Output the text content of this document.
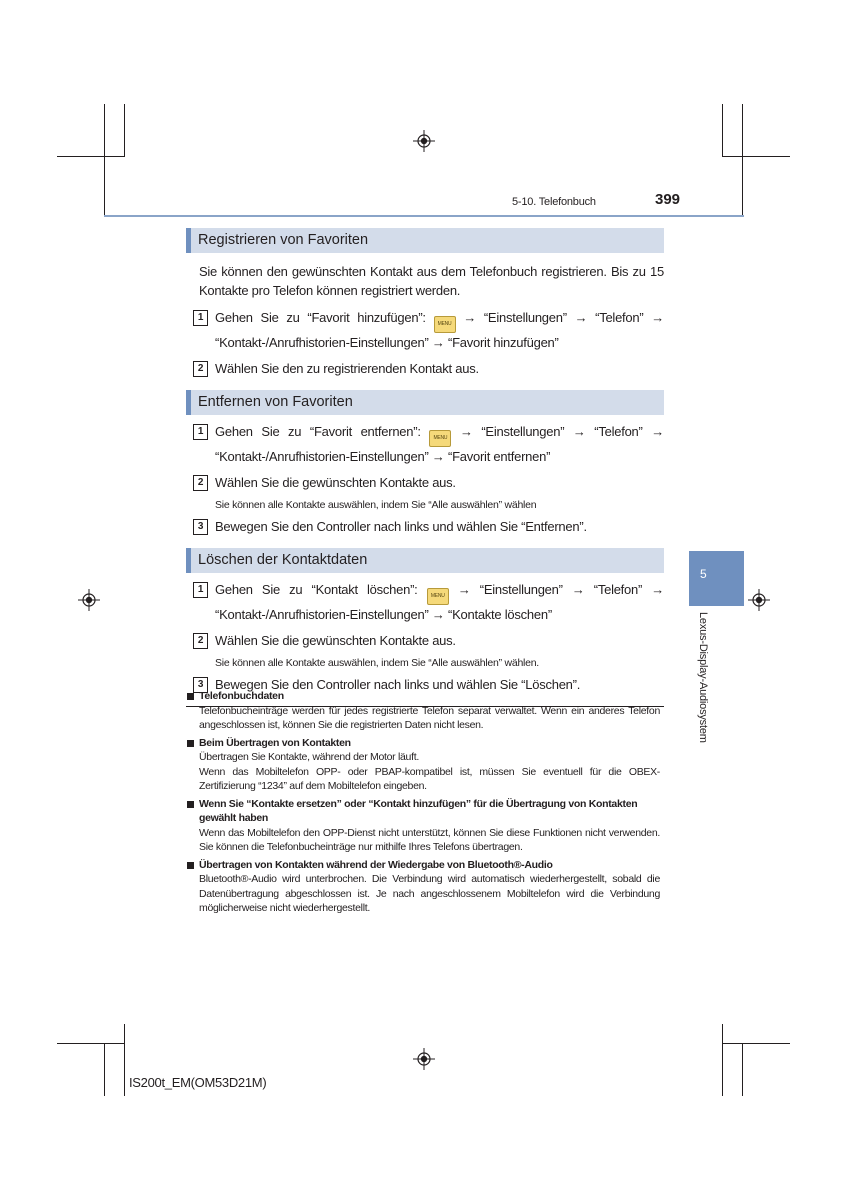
5-10. Telefonbuch	399
5
Lexus-Display-Audiosystem
Registrieren von Favoriten
Sie können den gewünschten Kontakt aus dem Telefonbuch registrieren. Bis zu 15 Kontakte pro Telefon können registriert werden.
1 Gehen Sie zu “Favorit hinzufügen”: MENU → “Einstellungen” → “Telefon” → “Kontakt-/Anrufhistorien-Einstellungen” → “Favorit hinzufügen”
2 Wählen Sie den zu registrierenden Kontakt aus.
Entfernen von Favoriten
1 Gehen Sie zu “Favorit entfernen”:	MENU → “Einstellungen” → “Telefon” → “Kontakt-/Anrufhistorien-Einstellungen” → “Favorit entfernen”
2 Wählen Sie die gewünschten Kontakte aus.
Sie können alle Kontakte auswählen, indem Sie “Alle auswählen” wählen
3 Bewegen Sie den Controller nach links und wählen Sie “Entfernen”.
Löschen der Kontaktdaten
1 Gehen Sie zu “Kontakt löschen”:	MENU → “Einstellungen” → “Telefon” → “Kontakt-/Anrufhistorien-Einstellungen” → “Kontakte löschen”
2 Wählen Sie die gewünschten Kontakte aus.
Sie können alle Kontakte auswählen, indem Sie “Alle auswählen” wählen.
3 Bewegen Sie den Controller nach links und wählen Sie “Löschen”.
Telefonbuchdaten
Telefonbucheinträge werden für jedes registrierte Telefon separat verwaltet. Wenn ein anderes Telefon angeschlossen ist, können Sie die registrierten Daten nicht lesen.
Beim Übertragen von Kontakten
Übertragen Sie Kontakte, während der Motor läuft.
Wenn das Mobiltelefon OPP- oder PBAP-kompatibel ist, müssen Sie eventuell für die OBEX-Zertifizierung “1234” auf dem Mobiltelefon eingeben.
Wenn Sie “Kontakte ersetzen” oder “Kontakt hinzufügen” für die Übertragung von Kontakten gewählt haben
Wenn das Mobiltelefon den OPP-Dienst nicht unterstützt, können Sie diese Funktionen nicht verwenden. Sie können die Telefonbucheinträge nur mithilfe Ihres Telefons übertragen.
Übertragen von Kontakten während der Wiedergabe von Bluetooth®-Audio
Bluetooth®-Audio wird unterbrochen. Die Verbindung wird automatisch wiederhergestellt, sobald die Datenübertragung abgeschlossen ist. Je nach angeschlossenem Mobiltelefon wird die Verbindung möglicherweise nicht wiederhergestellt.
IS200t_EM(OM53D21M)
